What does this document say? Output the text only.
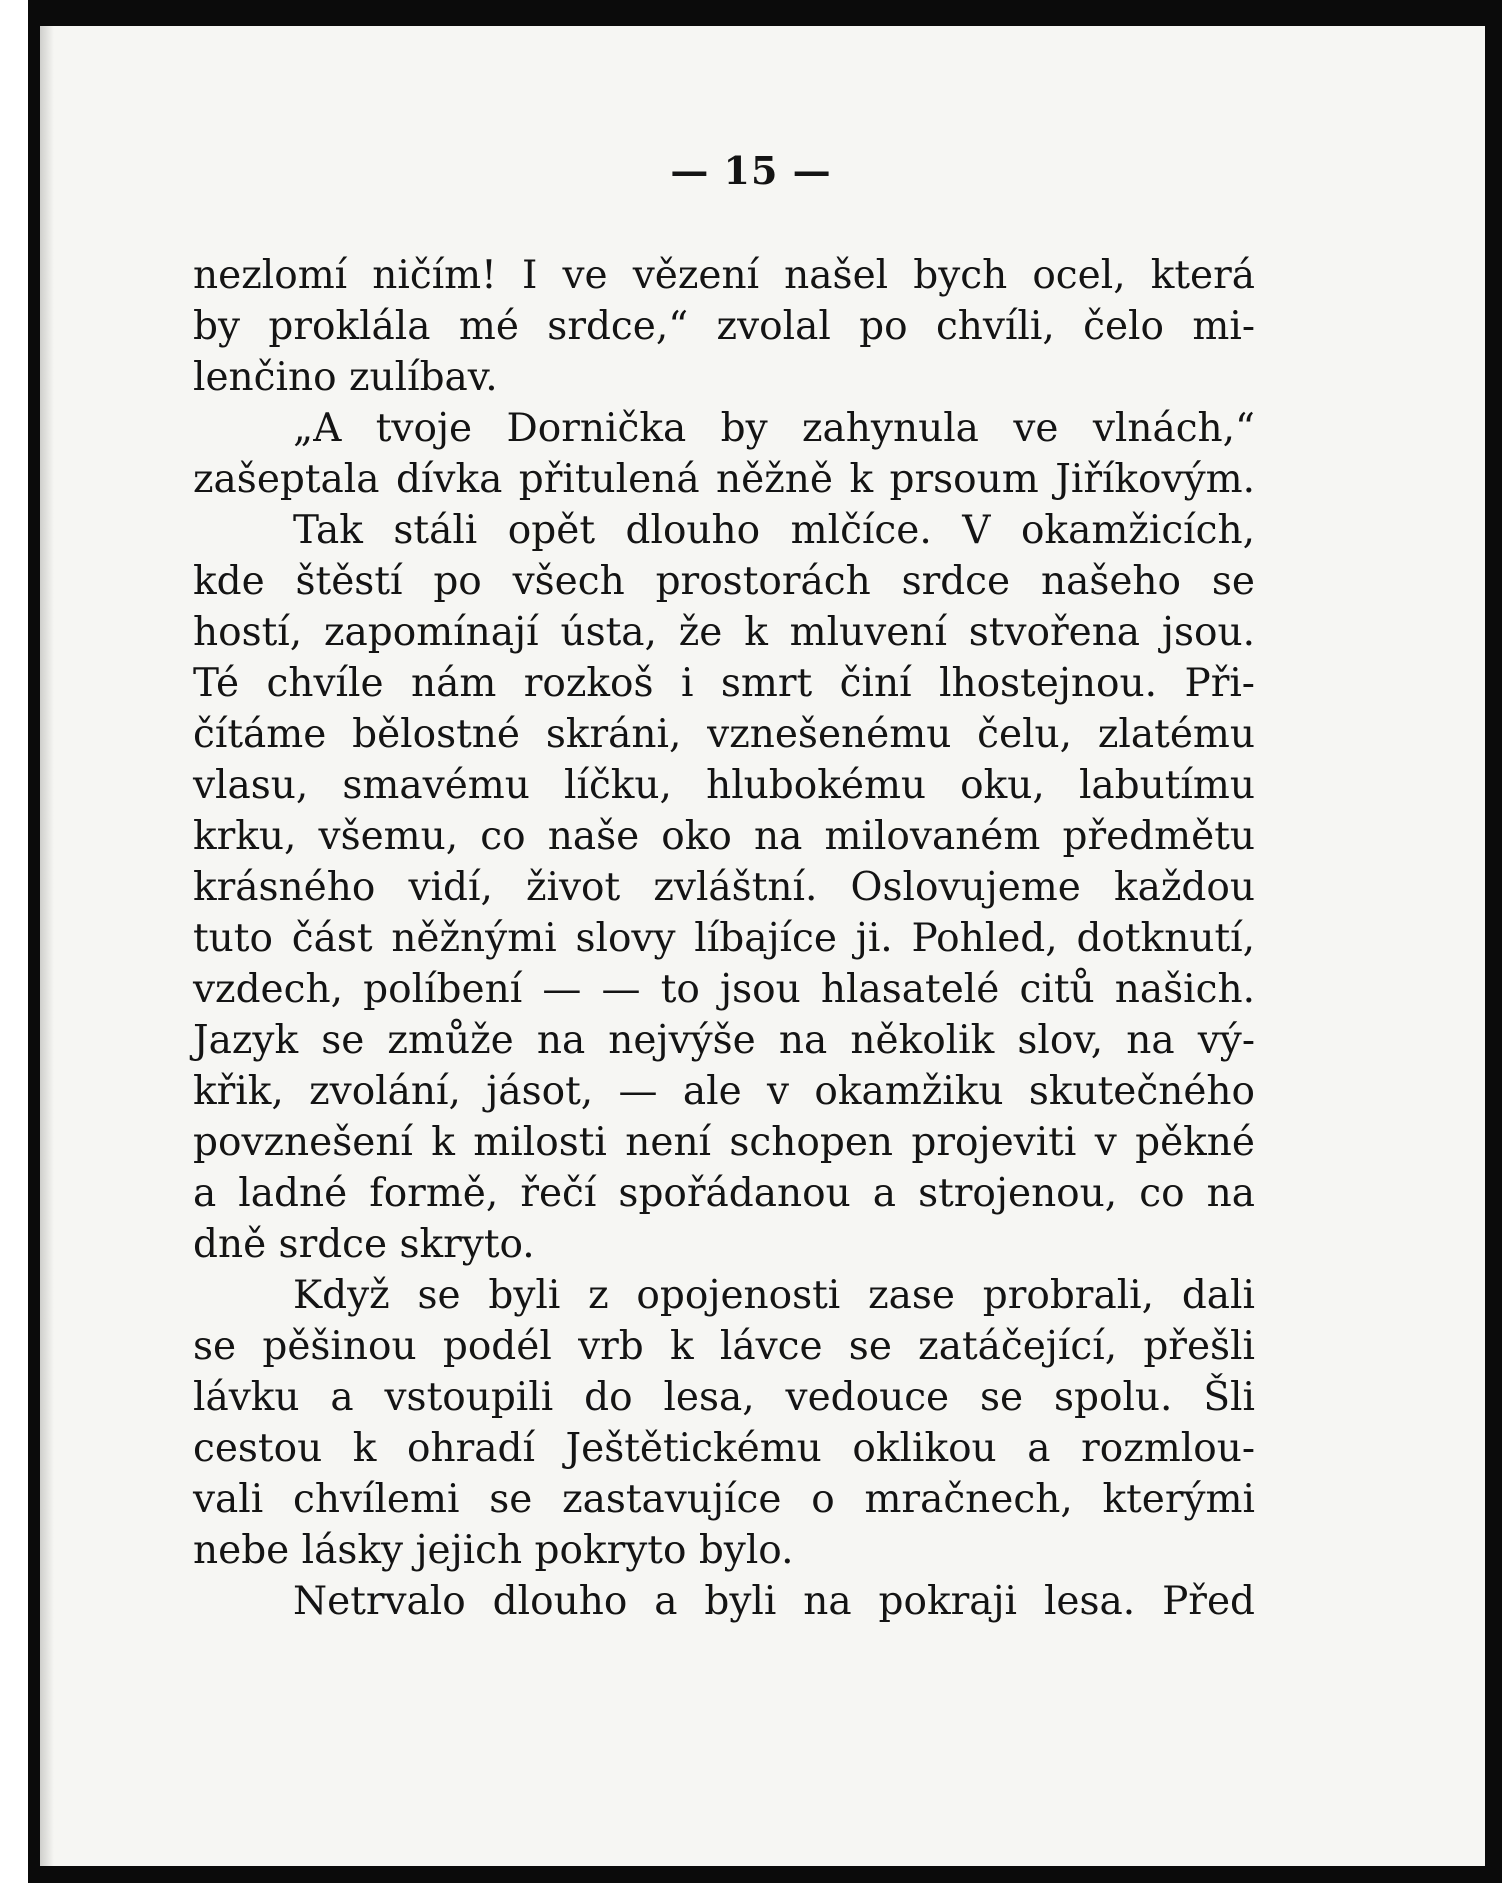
— 15 —
nezlomí ničím! I ve vězení našel bych ocel, která
by proklála mé srdce,“ zvolal po chvíli, čelo mi-
lenčino zulíbav.
„A tvoje Dornička by zahynula ve vlnách,“
zašeptala dívka přitulená něžně k prsoum Jiříkovým.
Tak stáli opět dlouho mlčíce. V okamžicích,
kde štěstí po všech prostorách srdce našeho se
hostí, zapomínají ústa, že k mluvení stvořena jsou.
Té chvíle nám rozkoš i smrt činí lhostejnou. Při-
čítáme bělostné skráni, vznešenému čelu, zlatému
vlasu, smavému líčku, hlubokému oku, labutímu
krku, všemu, co naše oko na milovaném předmětu
krásného vidí, život zvláštní. Oslovujeme každou
tuto část něžnými slovy líbajíce ji. Pohled, dotknutí,
vzdech, políbení — — to jsou hlasatelé citů našich.
Jazyk se zmůže na nejvýše na několik slov, na vý-
křik, zvolání, jásot, — ale v okamžiku skutečného
povznešení k milosti není schopen projeviti v pěkné
a ladné formě, řečí spořádanou a strojenou, co na
dně srdce skryto.
Když se byli z opojenosti zase probrali, dali
se pěšinou podél vrb k lávce se zatáčející, přešli
lávku a vstoupili do lesa, vedouce se spolu. Šli
cestou k ohradí Ještětickému oklikou a rozmlou-
vali chvílemi se zastavujíce o mračnech, kterými
nebe lásky jejich pokryto bylo.
Netrvalo dlouho a byli na pokraji lesa. Před
